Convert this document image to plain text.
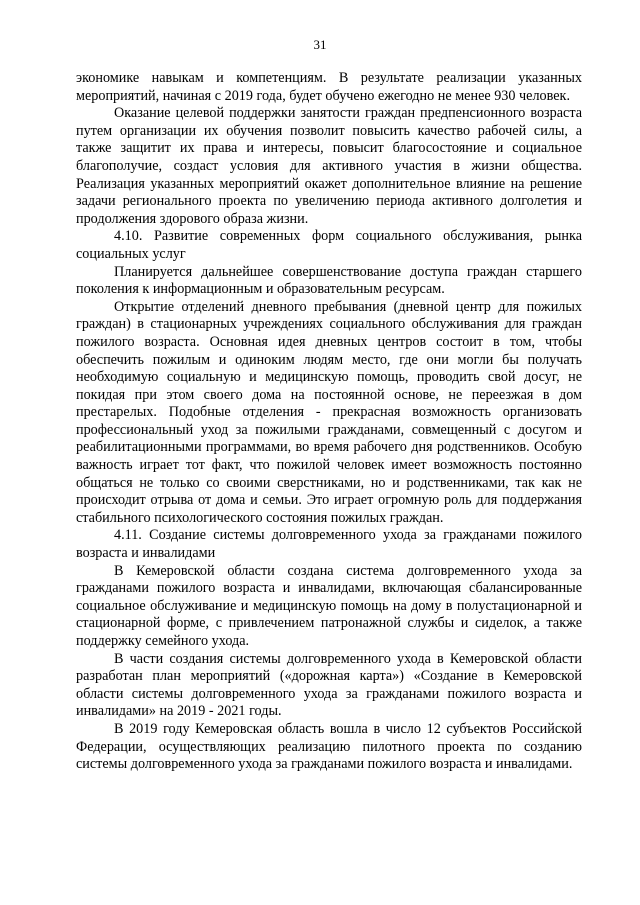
31

экономике навыкам и компетенциям. В результате реализации указанных мероприятий, начиная с 2019 года, будет обучено ежегодно не менее 930 человек.

Оказание целевой поддержки занятости граждан предпенсионного возраста путем организации их обучения позволит повысить качество рабочей силы, а также защитит их права и интересы, повысит благосостояние и социальное благополучие, создаст условия для активного участия в жизни общества. Реализация указанных мероприятий окажет дополнительное влияние на решение задачи регионального проекта по увеличению периода активного долголетия и продолжения здорового образа жизни.

4.10. Развитие современных форм социального обслуживания, рынка социальных услуг

Планируется дальнейшее совершенствование доступа граждан старшего поколения к информационным и образовательным ресурсам.

Открытие отделений дневного пребывания (дневной центр для пожилых граждан) в стационарных учреждениях социального обслуживания для граждан пожилого возраста. Основная идея дневных центров состоит в том, чтобы обеспечить пожилым и одиноким людям место, где они могли бы получать необходимую социальную и медицинскую помощь, проводить свой досуг, не покидая при этом своего дома на постоянной основе, не переезжая в дом престарелых. Подобные отделения - прекрасная возможность организовать профессиональный уход за пожилыми гражданами, совмещенный с досугом и реабилитационными программами, во время рабочего дня родственников. Особую важность играет тот факт, что пожилой человек имеет возможность постоянно общаться не только со своими сверстниками, но и родственниками, так как не происходит отрыва от дома и семьи. Это играет огромную роль для поддержания стабильного психологического состояния пожилых граждан.

4.11. Создание системы долговременного ухода за гражданами пожилого возраста и инвалидами

В Кемеровской области создана система долговременного ухода за гражданами пожилого возраста и инвалидами, включающая сбалансированные социальное обслуживание и медицинскую помощь на дому в полустационарной и стационарной форме, с привлечением патронажной службы и сиделок, а также поддержку семейного ухода.

В части создания системы долговременного ухода в Кемеровской области разработан план мероприятий («дорожная карта») «Создание в Кемеровской области системы долговременного ухода за гражданами пожилого возраста и инвалидами» на 2019 - 2021 годы.

В 2019 году Кемеровская область вошла в число 12 субъектов Российской Федерации, осуществляющих реализацию пилотного проекта по созданию системы долговременного ухода за гражданами пожилого возраста и инвалидами.
